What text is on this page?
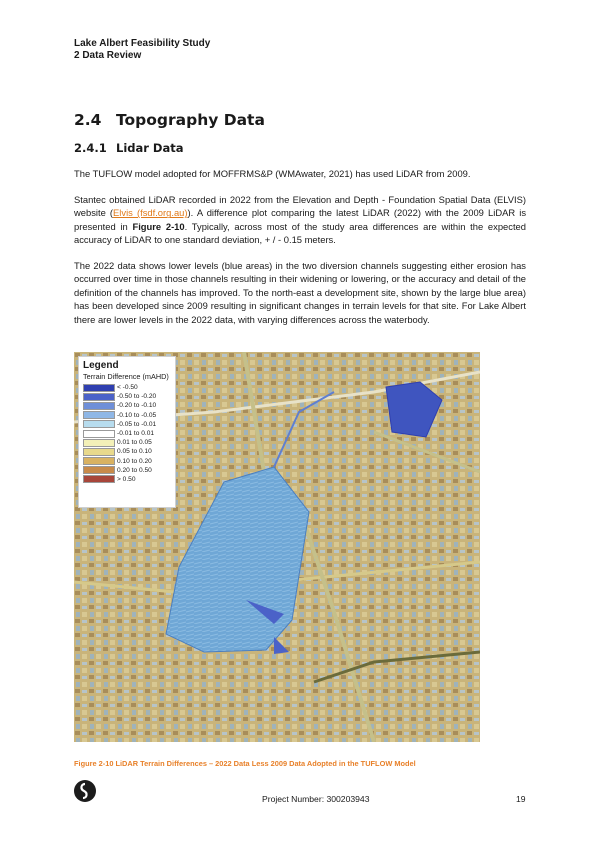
Lake Albert Feasibility Study
2 Data Review
2.4 Topography Data
2.4.1 Lidar Data

The TUFLOW model adopted for MOFFRMS&P (WMAwater, 2021) has used LiDAR from 2009.

Stantec obtained LiDAR recorded in 2022 from the Elevation and Depth - Foundation Spatial Data (ELVIS) website (Elvis (fsdf.org.au)). A difference plot comparing the latest LiDAR (2022) with the 2009 LiDAR is presented in Figure 2-10. Typically, across most of the study area differences are within the expected accuracy of LiDAR to one standard deviation, + / - 0.15 meters.

The 2022 data shows lower levels (blue areas) in the two diversion channels suggesting either erosion has occurred over time in those channels resulting in their widening or lowering, or the accuracy and detail of the definition of the channels has improved. To the north-east a development site, shown by the large blue area) has been developed since 2009 resulting in significant changes in terrain levels for that site. For Lake Albert there are lower levels in the 2022 data, with varying differences across the waterbody.

Legend
Terrain Difference (mAHD)
< -0.50
-0.50 to -0.20
-0.20 to -0.10
-0.10 to -0.05
-0.05 to -0.01
-0.01 to 0.01
0.01 to 0.05
0.05 to 0.10
0.10 to 0.20
0.20 to 0.50
> 0.50
Figure 2-10 LiDAR Terrain Differences – 2022 Data Less 2009 Data Adopted in the TUFLOW Model
Project Number: 300203943	19
